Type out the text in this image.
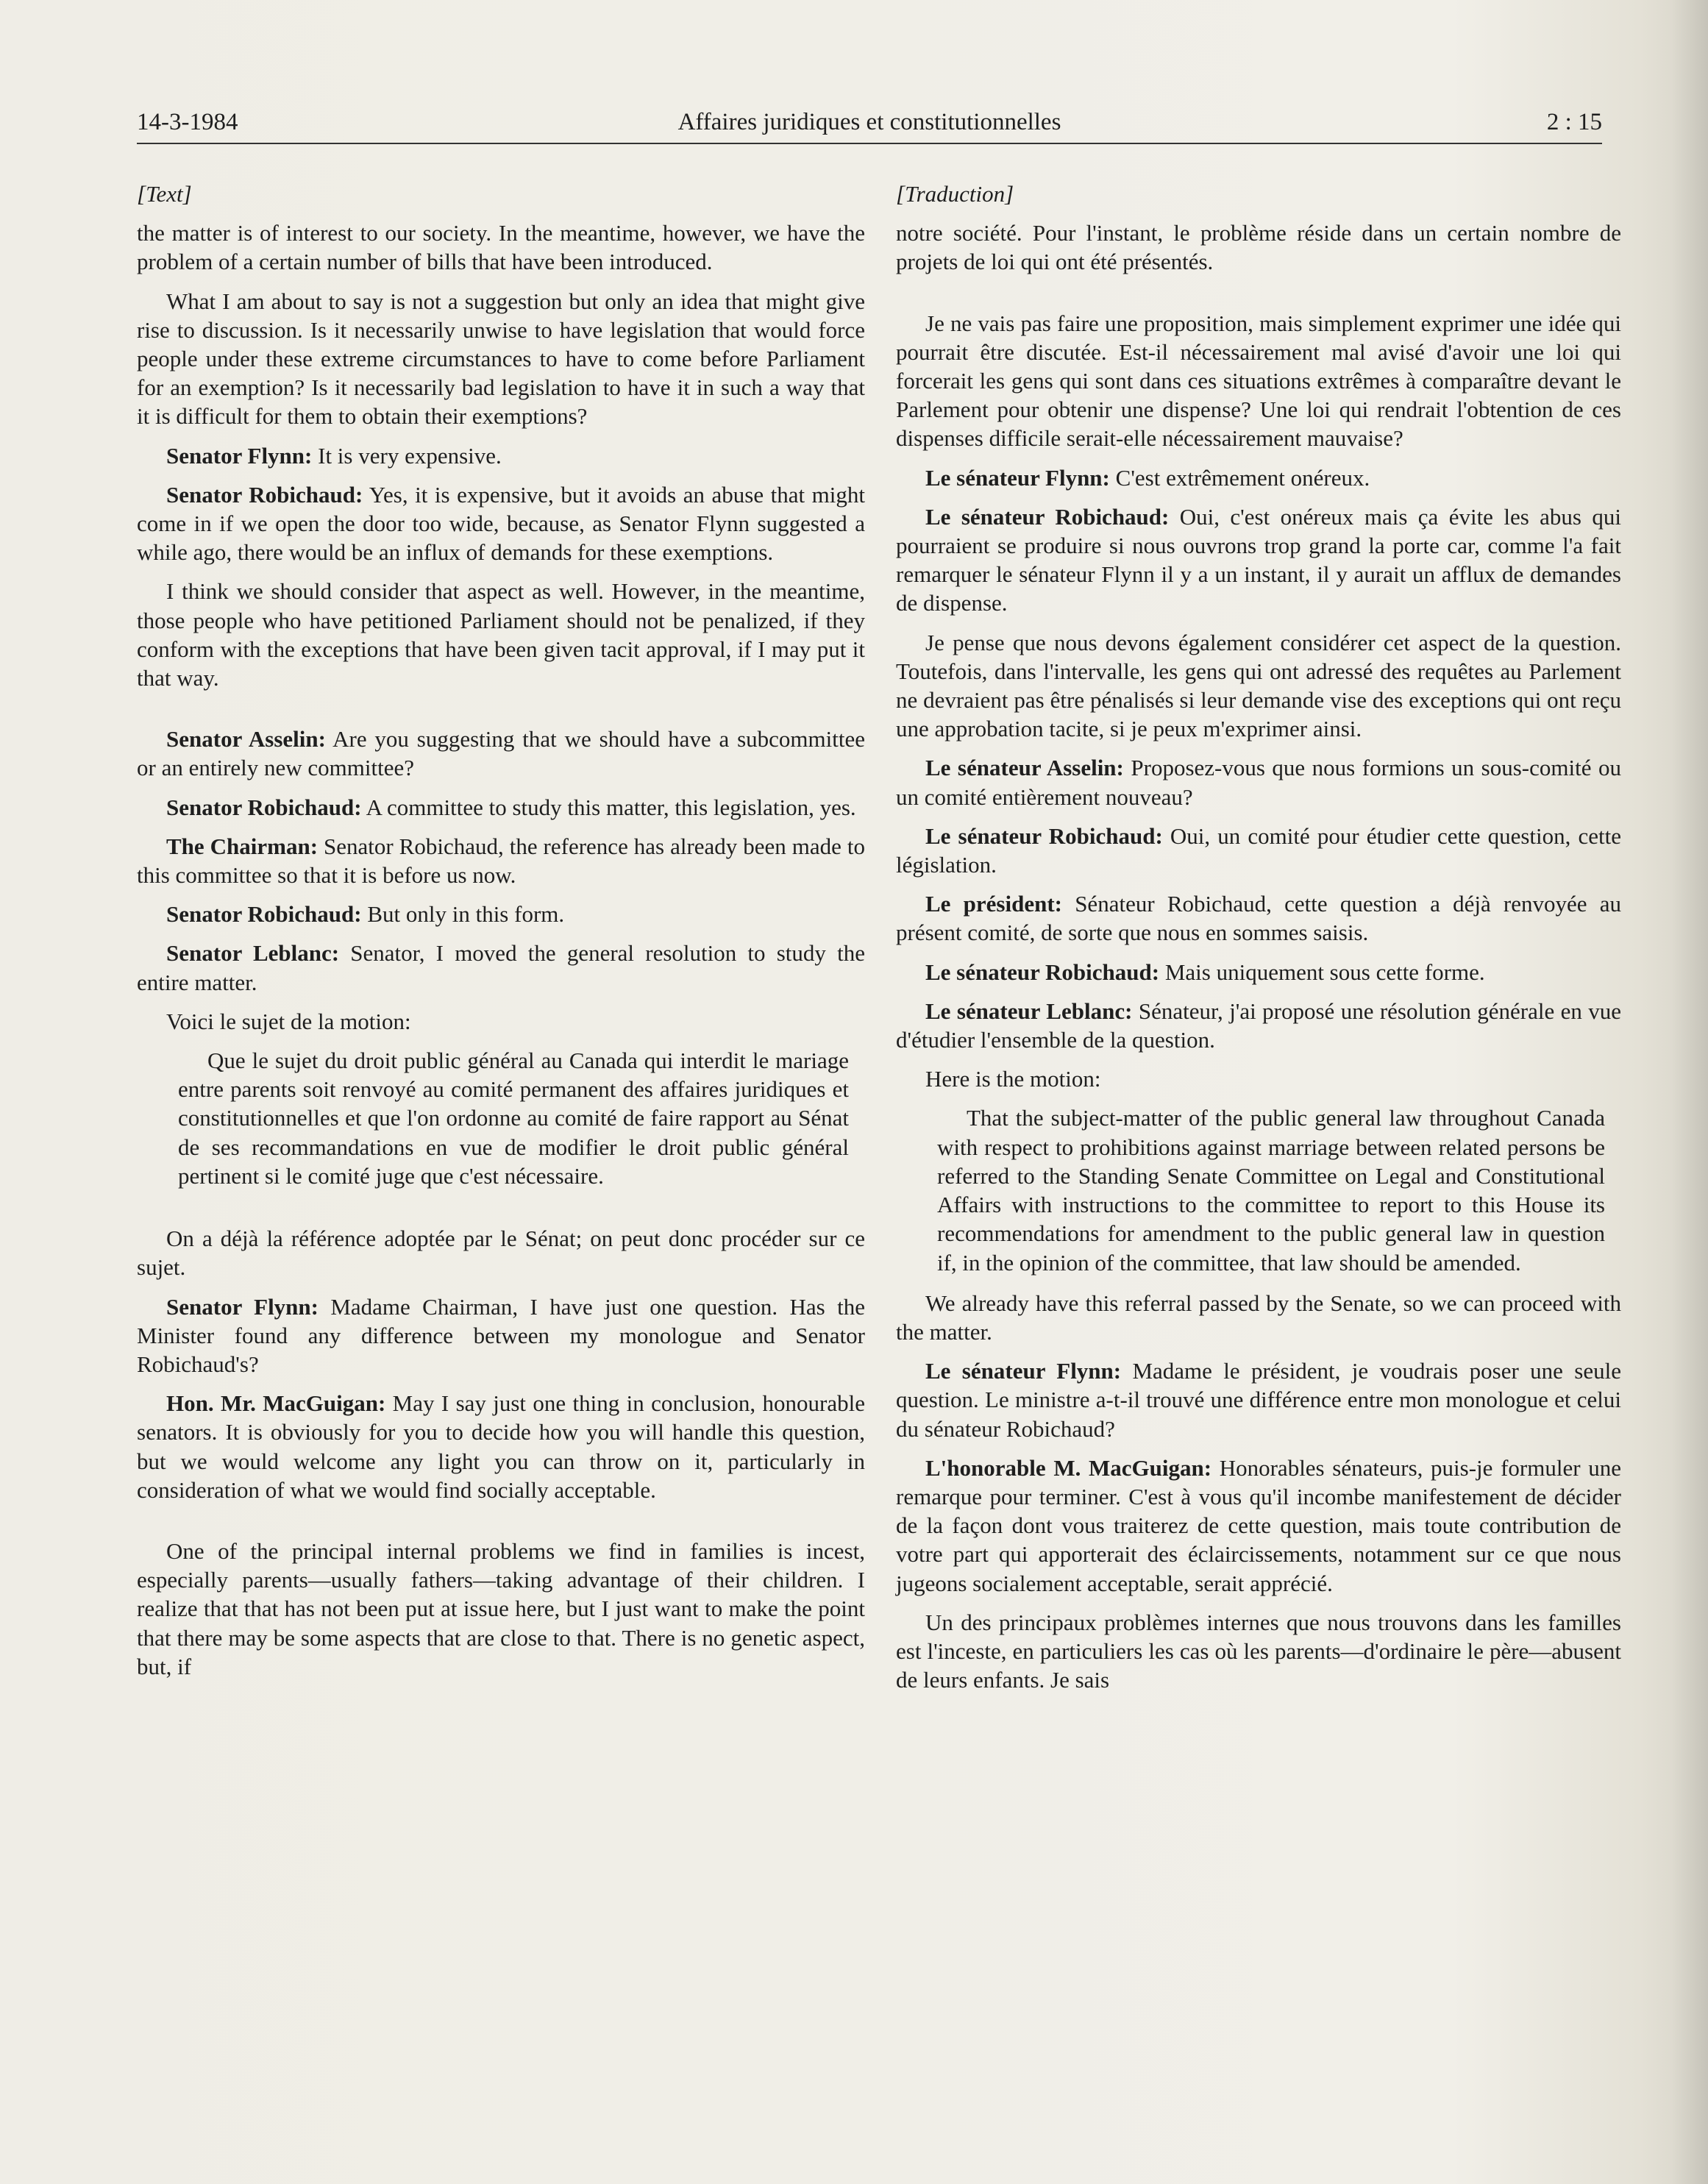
14-3-1984	Affaires juridiques et constitutionnelles	2 : 15

[Text]

the matter is of interest to our society. In the meantime, however, we have the problem of a certain number of bills that have been introduced.

What I am about to say is not a suggestion but only an idea that might give rise to discussion. Is it necessarily unwise to have legislation that would force people under these extreme circumstances to have to come before Parliament for an exemption? Is it necessarily bad legislation to have it in such a way that it is difficult for them to obtain their exemptions?

Senator Flynn: It is very expensive.

Senator Robichaud: Yes, it is expensive, but it avoids an abuse that might come in if we open the door too wide, because, as Senator Flynn suggested a while ago, there would be an influx of demands for these exemptions.

I think we should consider that aspect as well. However, in the meantime, those people who have petitioned Parliament should not be penalized, if they conform with the exceptions that have been given tacit approval, if I may put it that way.

Senator Asselin: Are you suggesting that we should have a subcommittee or an entirely new committee?

Senator Robichaud: A committee to study this matter, this legislation, yes.

The Chairman: Senator Robichaud, the reference has already been made to this committee so that it is before us now.

Senator Robichaud: But only in this form.

Senator Leblanc: Senator, I moved the general resolution to study the entire matter.

Voici le sujet de la motion:

Que le sujet du droit public général au Canada qui interdit le mariage entre parents soit renvoyé au comité permanent des affaires juridiques et constitutionnelles et que l'on ordonne au comité de faire rapport au Sénat de ses recommandations en vue de modifier le droit public général pertinent si le comité juge que c'est nécessaire.

On a déjà la référence adoptée par le Sénat; on peut donc procéder sur ce sujet.

Senator Flynn: Madame Chairman, I have just one question. Has the Minister found any difference between my monologue and Senator Robichaud's?

Hon. Mr. MacGuigan: May I say just one thing in conclusion, honourable senators. It is obviously for you to decide how you will handle this question, but we would welcome any light you can throw on it, particularly in consideration of what we would find socially acceptable.

One of the principal internal problems we find in families is incest, especially parents—usually fathers—taking advantage of their children. I realize that that has not been put at issue here, but I just want to make the point that there may be some aspects that are close to that. There is no genetic aspect, but, if

[Traduction]

notre société. Pour l'instant, le problème réside dans un certain nombre de projets de loi qui ont été présentés.

Je ne vais pas faire une proposition, mais simplement exprimer une idée qui pourrait être discutée. Est-il nécessairement mal avisé d'avoir une loi qui forcerait les gens qui sont dans ces situations extrêmes à comparaître devant le Parlement pour obtenir une dispense? Une loi qui rendrait l'obtention de ces dispenses difficile serait-elle nécessairement mauvaise?

Le sénateur Flynn: C'est extrêmement onéreux.

Le sénateur Robichaud: Oui, c'est onéreux mais ça évite les abus qui pourraient se produire si nous ouvrons trop grand la porte car, comme l'a fait remarquer le sénateur Flynn il y a un instant, il y aurait un afflux de demandes de dispense.

Je pense que nous devons également considérer cet aspect de la question. Toutefois, dans l'intervalle, les gens qui ont adressé des requêtes au Parlement ne devraient pas être pénalisés si leur demande vise des exceptions qui ont reçu une approbation tacite, si je peux m'exprimer ainsi.

Le sénateur Asselin: Proposez-vous que nous formions un sous-comité ou un comité entièrement nouveau?

Le sénateur Robichaud: Oui, un comité pour étudier cette question, cette législation.

Le président: Sénateur Robichaud, cette question a déjà renvoyée au présent comité, de sorte que nous en sommes saisis.

Le sénateur Robichaud: Mais uniquement sous cette forme.

Le sénateur Leblanc: Sénateur, j'ai proposé une résolution générale en vue d'étudier l'ensemble de la question.

Here is the motion:

That the subject-matter of the public general law throughout Canada with respect to prohibitions against marriage between related persons be referred to the Standing Senate Committee on Legal and Constitutional Affairs with instructions to the committee to report to this House its recommendations for amendment to the public general law in question if, in the opinion of the committee, that law should be amended.

We already have this referral passed by the Senate, so we can proceed with the matter.

Le sénateur Flynn: Madame le président, je voudrais poser une seule question. Le ministre a-t-il trouvé une différence entre mon monologue et celui du sénateur Robichaud?

L'honorable M. MacGuigan: Honorables sénateurs, puis-je formuler une remarque pour terminer. C'est à vous qu'il incombe manifestement de décider de la façon dont vous traiterez de cette question, mais toute contribution de votre part qui apporterait des éclaircissements, notamment sur ce que nous jugeons socialement acceptable, serait apprécié.

Un des principaux problèmes internes que nous trouvons dans les familles est l'inceste, en particuliers les cas où les parents—d'ordinaire le père—abusent de leurs enfants. Je sais
